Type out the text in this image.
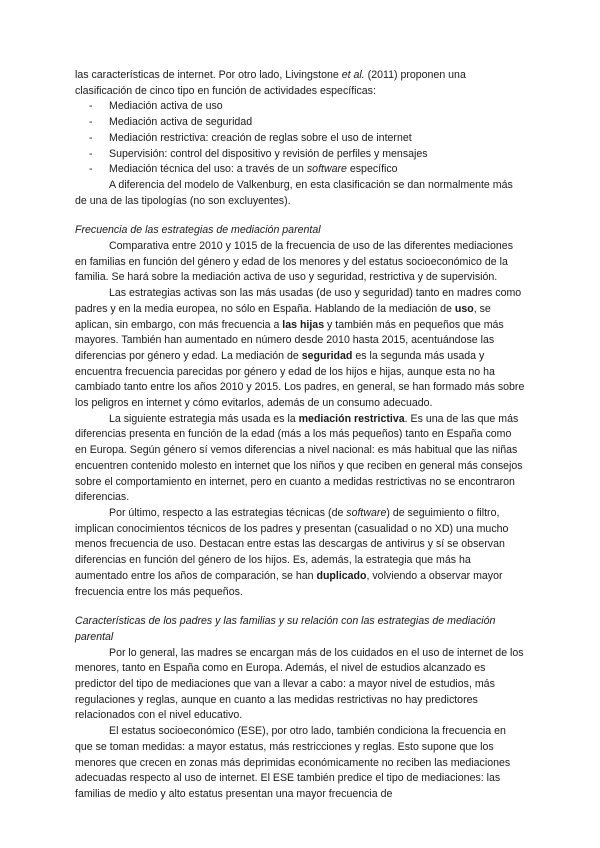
las características de internet. Por otro lado, Livingstone et al. (2011) proponen una clasificación de cinco tipo en función de actividades específicas:

- Mediación activa de uso
- Mediación activa de seguridad
- Mediación restrictiva: creación de reglas sobre el uso de internet
- Supervisión: control del dispositivo y revisión de perfiles y mensajes
- Mediación técnica del uso: a través de un software específico

A diferencia del modelo de Valkenburg, en esta clasificación se dan normalmente más de una de las tipologías (no son excluyentes).

Frecuencia de las estrategias de mediación parental

Comparativa entre 2010 y 1015 de la frecuencia de uso de las diferentes mediaciones en familias en función del género y edad de los menores y del estatus socioeconómico de la familia. Se hará sobre la mediación activa de uso y seguridad, restrictiva y de supervisión.

Las estrategias activas son las más usadas (de uso y seguridad) tanto en madres como padres y en la media europea, no sólo en España. Hablando de la mediación de uso, se aplican, sin embargo, con más frecuencia a las hijas y también más en pequeños que más mayores. También han aumentado en número desde 2010 hasta 2015, acentuándose las diferencias por género y edad. La mediación de seguridad es la segunda más usada y encuentra frecuencia parecidas por género y edad de los hijos e hijas, aunque esta no ha cambiado tanto entre los años 2010 y 2015. Los padres, en general, se han formado más sobre los peligros en internet y cómo evitarlos, además de un consumo adecuado.

La siguiente estrategia más usada es la mediación restrictiva. Es una de las que más diferencias presenta en función de la edad (más a los más pequeños) tanto en España como en Europa. Según género sí vemos diferencias a nivel nacional: es más habitual que las niñas encuentren contenido molesto en internet que los niños y que reciben en general más consejos sobre el comportamiento en internet, pero en cuanto a medidas restrictivas no se encontraron diferencias.

Por último, respecto a las estrategias técnicas (de software) de seguimiento o filtro, implican conocimientos técnicos de los padres y presentan (casualidad o no XD) una mucho menos frecuencia de uso. Destacan entre estas las descargas de antivirus y sí se observan diferencias en función del género de los hijos. Es, además, la estrategia que más ha aumentado entre los años de comparación, se han duplicado, volviendo a observar mayor frecuencia entre los más pequeños.

Características de los padres y las familias y su relación con las estrategias de mediación parental

Por lo general, las madres se encargan más de los cuidados en el uso de internet de los menores, tanto en España como en Europa. Además, el nivel de estudios alcanzado es predictor del tipo de mediaciones que van a llevar a cabo: a mayor nivel de estudios, más regulaciones y reglas, aunque en cuanto a las medidas restrictivas no hay predictores relacionados con el nivel educativo.

El estatus socioeconómico (ESE), por otro lado, también condiciona la frecuencia en que se toman medidas: a mayor estatus, más restricciones y reglas. Esto supone que los menores que crecen en zonas más deprimidas económicamente no reciben las mediaciones adecuadas respecto al uso de internet. El ESE también predice el tipo de mediaciones: las familias de medio y alto estatus presentan una mayor frecuencia de
